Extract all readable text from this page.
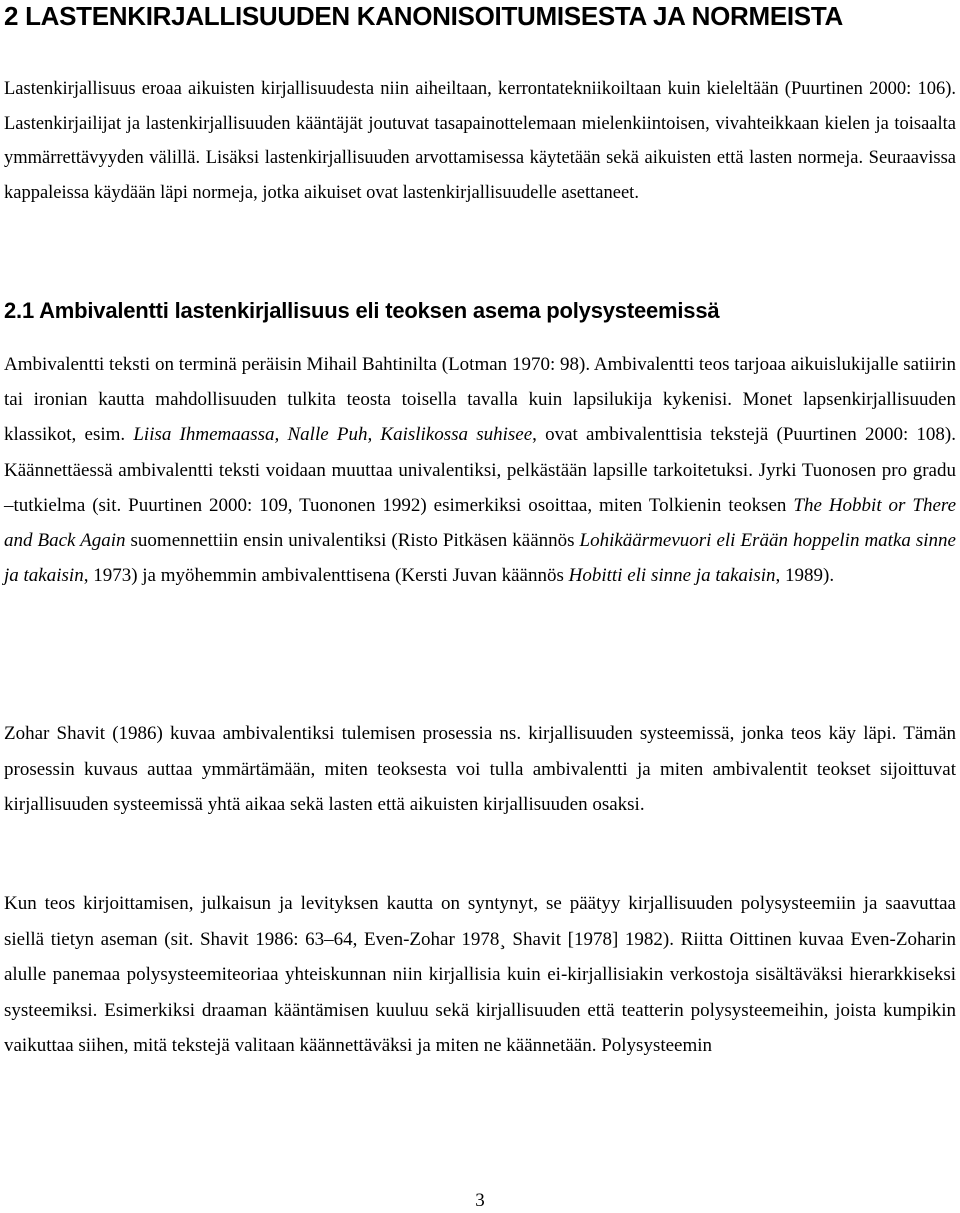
2 LASTENKIRJALLISUUDEN KANONISOITUMISESTA JA NORMEISTA

Lastenkirjallisuus eroaa aikuisten kirjallisuudesta niin aiheiltaan, kerrontatekniikoiltaan kuin kieleltään (Puurtinen 2000: 106). Lastenkirjailijat ja lastenkirjallisuuden kääntäjät joutuvat tasapainottelemaan mielenkiintoisen, vivahteikkaan kielen ja toisaalta ymmärrettävyyden välillä. Lisäksi lastenkirjallisuuden arvottamisessa käytetään sekä aikuisten että lasten normeja. Seuraavissa kappaleissa käydään läpi normeja, jotka aikuiset ovat lastenkirjallisuudelle asettaneet.

2.1 Ambivalentti lastenkirjallisuus eli teoksen asema polysysteemissä

Ambivalentti teksti on terminä peräisin Mihail Bahtinilta (Lotman 1970: 98). Ambivalentti teos tarjoaa aikuislukijalle satiirin tai ironian kautta mahdollisuuden tulkita teosta toisella tavalla kuin lapsilukija kykenisi. Monet lapsenkirjallisuuden klassikot, esim. Liisa Ihmemaassa, Nalle Puh, Kaislikossa suhisee, ovat ambivalenttisia tekstejä (Puurtinen 2000: 108). Käännettäessä ambivalentti teksti voidaan muuttaa univalentiksi, pelkästään lapsille tarkoitetuksi. Jyrki Tuonosen pro gradu –tutkielma (sit. Puurtinen 2000: 109, Tuononen 1992) esimerkiksi osoittaa, miten Tolkienin teoksen The Hobbit or There and Back Again suomennettiin ensin univalentiksi (Risto Pitkäsen käännös Lohikäärmevuori eli Erään hoppelin matka sinne ja takaisin, 1973) ja myöhemmin ambivalenttisena (Kersti Juvan käännös Hobitti eli sinne ja takaisin, 1989).

Zohar Shavit (1986) kuvaa ambivalentiksi tulemisen prosessia ns. kirjallisuuden systeemissä, jonka teos käy läpi. Tämän prosessin kuvaus auttaa ymmärtämään, miten teoksesta voi tulla ambivalentti ja miten ambivalentit teokset sijoittuvat kirjallisuuden systeemissä yhtä aikaa sekä lasten että aikuisten kirjallisuuden osaksi.

Kun teos kirjoittamisen, julkaisun ja levityksen kautta on syntynyt, se päätyy kirjallisuuden polysysteemiin ja saavuttaa siellä tietyn aseman (sit. Shavit 1986: 63–64, Even-Zohar 1978¸ Shavit [1978] 1982). Riitta Oittinen kuvaa Even-Zoharin alulle panemaa polysysteemiteoriaa yhteiskunnan niin kirjallisia kuin ei-kirjallisiakin verkostoja sisältäväksi hierarkkiseksi systeemiksi. Esimerkiksi draaman kääntämisen kuuluu sekä kirjallisuuden että teatterin polysysteemeihin, joista kumpikin vaikuttaa siihen, mitä tekstejä valitaan käännettäväksi ja miten ne käännetään. Polysysteemin

3
